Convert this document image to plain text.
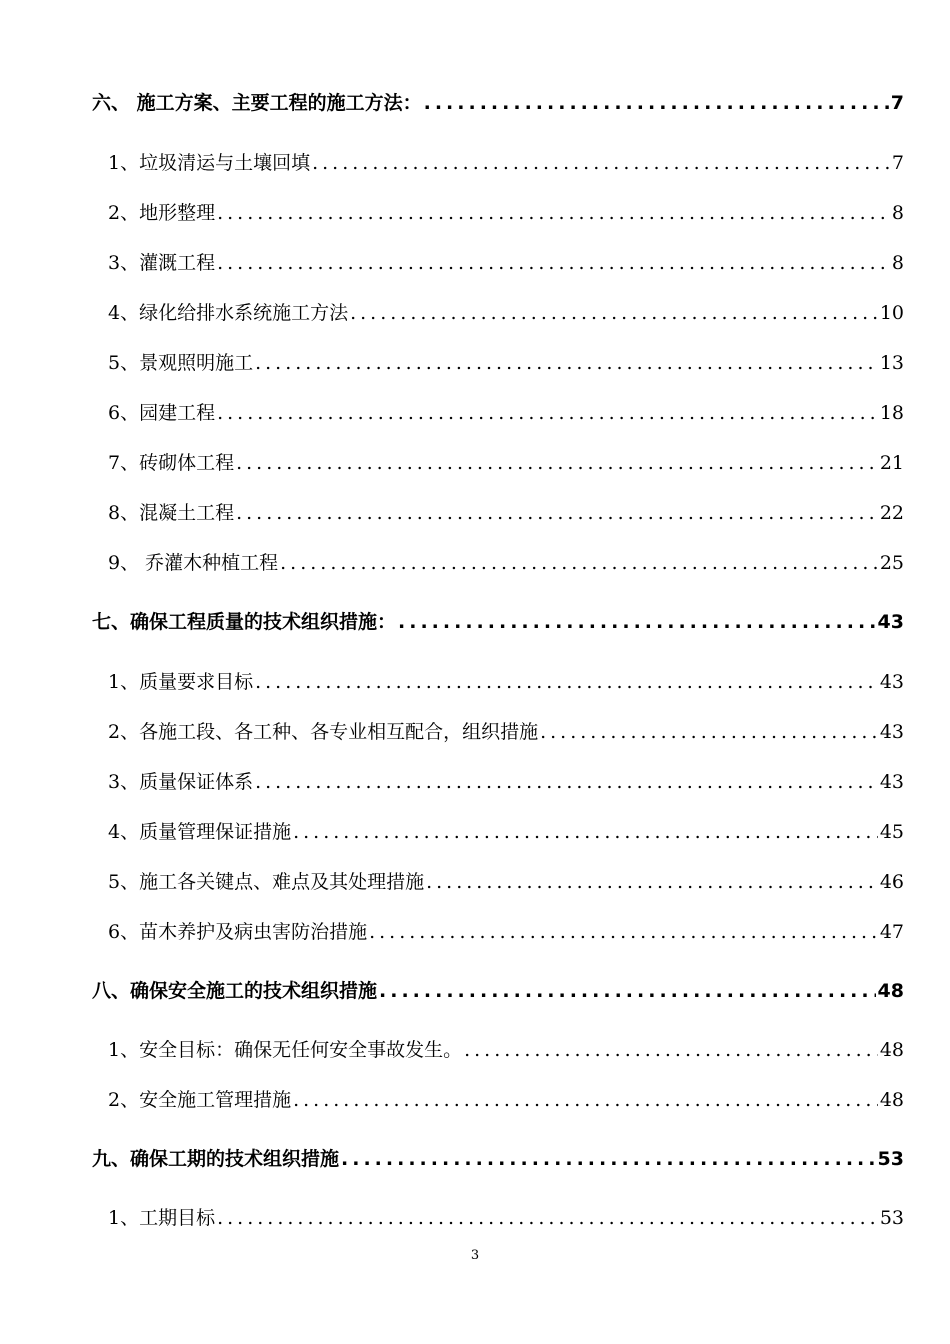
六、 施工方案、主要工程的施工方法： .....	7
1、垃圾清运与土壤回填 .....	7
2、地形整理 .....	8
3、灌溉工程 .....	8
4、绿化给排水系统施工方法 .....	10
5、景观照明施工 .....	13
6、园建工程 .....	18
7、砖砌体工程 .....	21
8、混凝土工程 .....	22
9、 乔灌木种植工程 .....	25
七、确保工程质量的技术组织措施： .....	43
1、质量要求目标 .....	43
2、各施工段、各工种、各专业相互配合，组织措施 .....	43
3、质量保证体系 .....	43
4、质量管理保证措施 .....	45
5、施工各关键点、难点及其处理措施 .....	46
6、苗木养护及病虫害防治措施 .....	47
八、确保安全施工的技术组织措施 .....	48
1、安全目标：确保无任何安全事故发生。 .....	48
2、安全施工管理措施 .....	48
九、确保工期的技术组织措施 .....	53
1、工期目标 .....	53
3
